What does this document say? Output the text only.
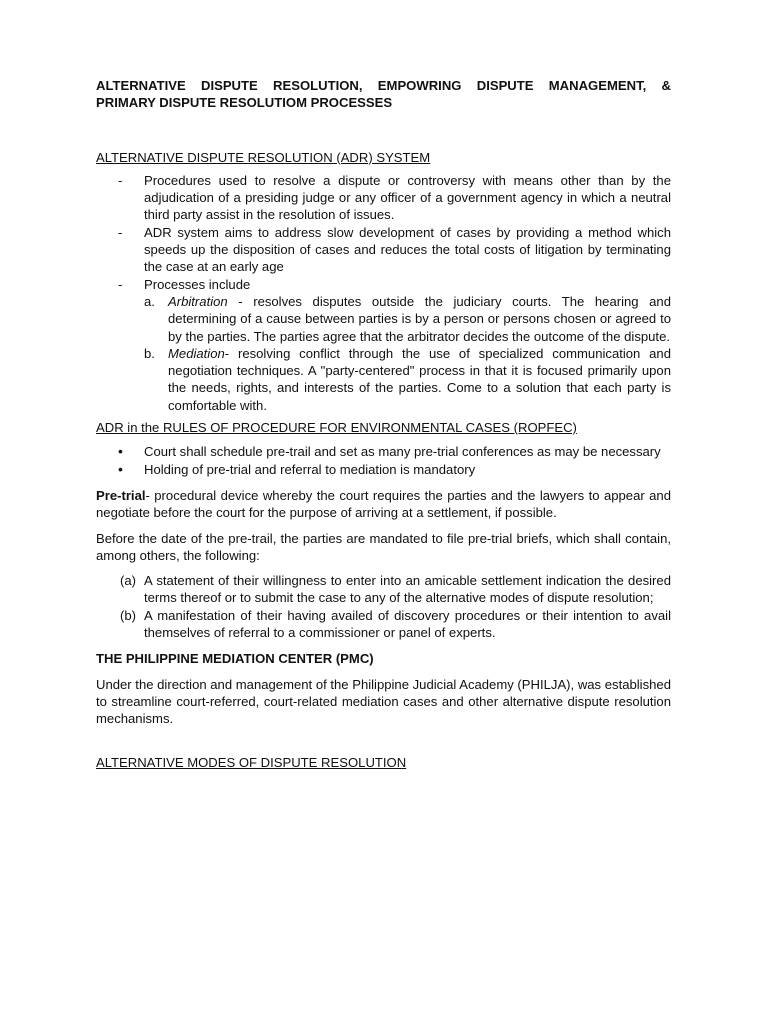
ALTERNATIVE DISPUTE RESOLUTION, EMPOWRING DISPUTE MANAGEMENT, &
PRIMARY DISPUTE RESOLUTIOM PROCESSES

ALTERNATIVE DISPUTE RESOLUTION (ADR) SYSTEM

- Procedures used to resolve a dispute or controversy with means other than by the adjudication of a presiding judge or any officer of a government agency in which a neutral third party assist in the resolution of issues.
- ADR system aims to address slow development of cases by providing a method which speeds up the disposition of cases and reduces the total costs of litigation by terminating the case at an early age
- Processes include
a. Arbitration - resolves disputes outside the judiciary courts. The hearing and determining of a cause between parties is by a person or persons chosen or agreed to by the parties. The parties agree that the arbitrator decides the outcome of the dispute.
b. Mediation- resolving conflict through the use of specialized communication and negotiation techniques. A "party-centered" process in that it is focused primarily upon the needs, rights, and interests of the parties. Come to a solution that each party is comfortable with.

ADR in the RULES OF PROCEDURE FOR ENVIRONMENTAL CASES (ROPFEC)

• Court shall schedule pre-trail and set as many pre-trial conferences as may be necessary
• Holding of pre-trial and referral to mediation is mandatory

Pre-trial- procedural device whereby the court requires the parties and the lawyers to appear and negotiate before the court for the purpose of arriving at a settlement, if possible.

Before the date of the pre-trail, the parties are mandated to file pre-trial briefs, which shall contain, among others, the following:

(a) A statement of their willingness to enter into an amicable settlement indication the desired terms thereof or to submit the case to any of the alternative modes of dispute resolution;
(b) A manifestation of their having availed of discovery procedures or their intention to avail themselves of referral to a commissioner or panel of experts.

THE PHILIPPINE MEDIATION CENTER (PMC)

Under the direction and management of the Philippine Judicial Academy (PHILJA), was established to streamline court-referred, court-related mediation cases and other alternative dispute resolution mechanisms.

ALTERNATIVE MODES OF DISPUTE RESOLUTION
